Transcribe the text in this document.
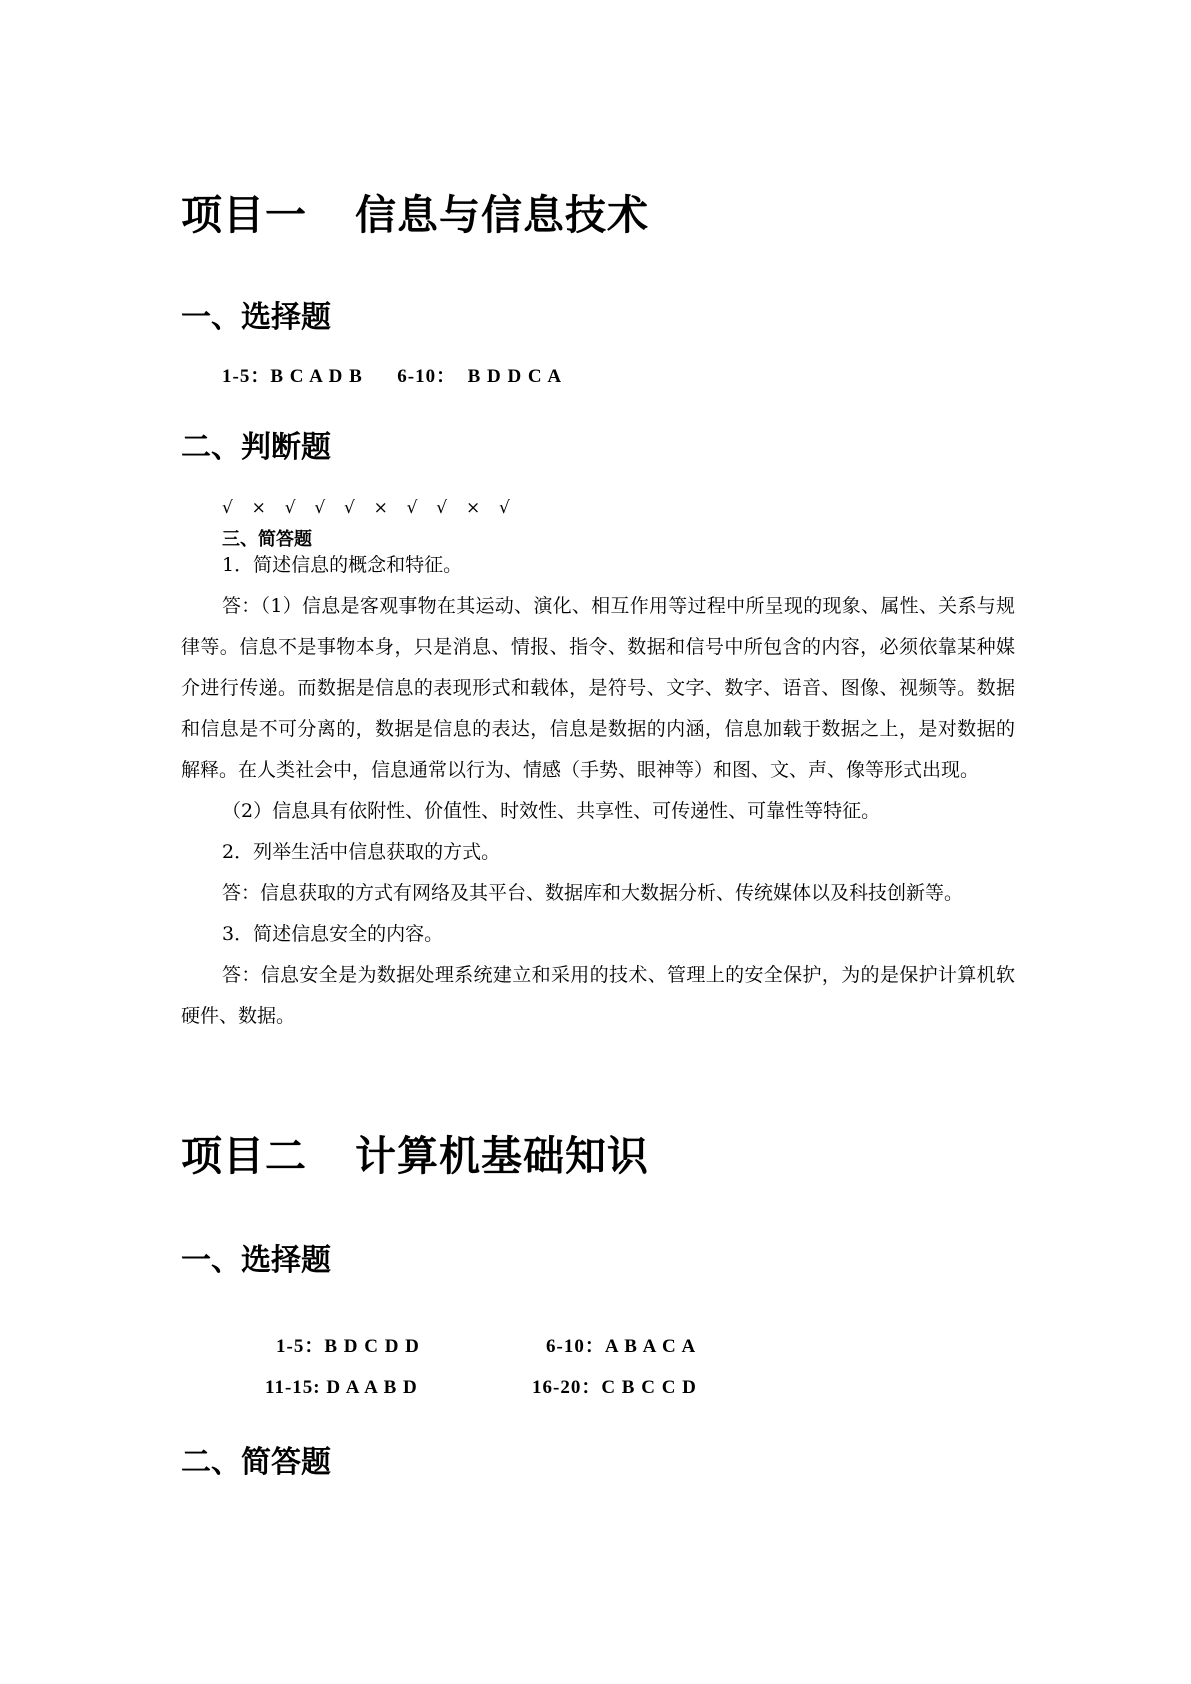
项目一 信息与信息技术
一、选择题
1-5：B C A D B      6-10：  B D D C A
二、判断题
√  ×  √  √  √  ×  √  √  ×  √
三、简答题

1．简述信息的概念和特征。

答：（1）信息是客观事物在其运动、演化、相互作用等过程中所呈现的现象、属性、关系与规律等。信息不是事物本身，只是消息、情报、指令、数据和信号中所包含的内容，必须依靠某种媒介进行传递。而数据是信息的表现形式和载体，是符号、文字、数字、语音、图像、视频等。数据和信息是不可分离的，数据是信息的表达，信息是数据的内涵，信息加载于数据之上，是对数据的解释。在人类社会中，信息通常以行为、情感（手势、眼神等）和图、文、声、像等形式出现。

（2）信息具有依附性、价值性、时效性、共享性、可传递性、可靠性等特征。

2．列举生活中信息获取的方式。

答：信息获取的方式有网络及其平台、数据库和大数据分析、传统媒体以及科技创新等。

3．简述信息安全的内容。

答：信息安全是为数据处理系统建立和采用的技术、管理上的安全保护，为的是保护计算机软硬件、数据。

项目二 计算机基础知识
一、选择题
1-5：B D C D D	6-10：A B A C A
11-15: D A A B D	16-20：C B C C D
二、简答题
